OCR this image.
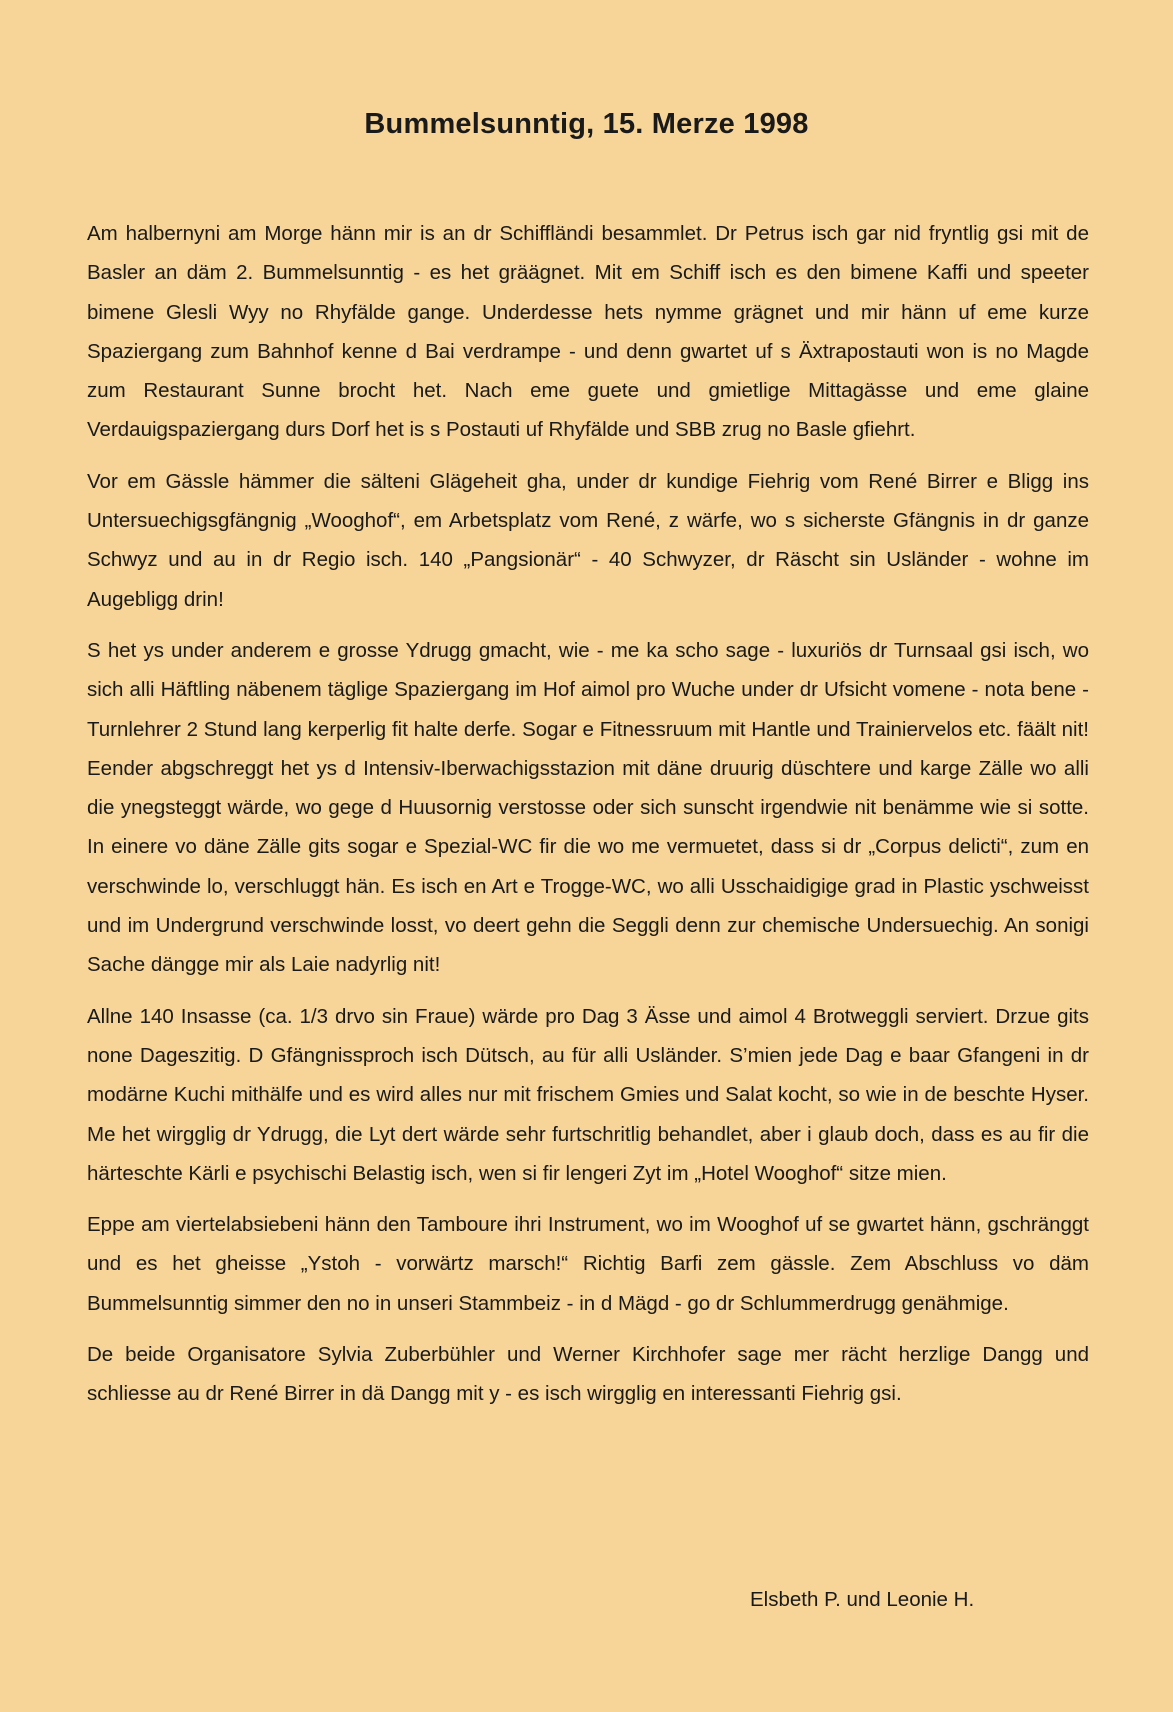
Bummelsunntig, 15. Merze 1998

Am halbernyni am Morge hänn mir is an dr Schiffländi besammlet. Dr Petrus isch gar nid fryntlig gsi mit de Basler an däm 2. Bummelsunntig - es het gräägnet. Mit em Schiff isch es den bimene Kaffi und speeter bimene Glesli Wyy no Rhyfälde gange. Underdesse hets nymme grägnet und mir hänn uf eme kurze Spaziergang zum Bahnhof kenne d Bai verdrampe - und denn gwartet uf s Äxtrapostauti won is no Magde zum Restaurant Sunne brocht het. Nach eme guete und gmietlige Mittagässe und eme glaine Verdauigspaziergang durs Dorf het is s Postauti uf Rhyfälde und SBB zrug no Basle gfiehrt.

Vor em Gässle hämmer die sälteni Glägeheit gha, under dr kundige Fiehrig vom René Birrer e Bligg ins Untersuechigsgfängnig „Wooghof“, em Arbetsplatz vom René, z wärfe, wo s sicherste Gfängnis in dr ganze Schwyz und au in dr Regio isch. 140 „Pangsionär“ - 40 Schwyzer, dr Räscht sin Usländer - wohne im Augebligg drin!

S het ys under anderem e grosse Ydrugg gmacht, wie - me ka scho sage - luxuriös dr Turnsaal gsi isch, wo sich alli Häftling näbenem täglige Spaziergang im Hof aimol pro Wuche under dr Ufsicht vomene - nota bene - Turnlehrer 2 Stund lang kerperlig fit halte derfe. Sogar e Fitnessruum mit Hantle und Trainiervelos etc. fäält nit! Eender abgschreggt het ys d Intensiv-Iberwachigsstazion mit däne druurig düschtere und karge Zälle wo alli die ynegsteggt wärde, wo gege d Huusornig verstosse oder sich sunscht irgendwie nit benämme wie si sotte. In einere vo däne Zälle gits sogar e Spezial-WC fir die wo me vermuetet, dass si dr „Corpus delicti“, zum en verschwinde lo, verschluggt hän. Es isch en Art e Trogge-WC, wo alli Usschaidigige grad in Plastic yschweisst und im Undergrund verschwinde losst, vo deert gehn die Seggli denn zur chemische Undersuechig. An sonigi Sache dängge mir als Laie nadyrlig nit!

Allne 140 Insasse (ca. 1/3 drvo sin Fraue) wärde pro Dag 3 Ässe und aimol 4 Brotweggli serviert. Drzue gits none Dageszitig. D Gfängnissproch isch Dütsch, au für alli Usländer. S’mien jede Dag e baar Gfangeni in dr modärne Kuchi mithälfe und es wird alles nur mit frischem Gmies und Salat kocht, so wie in de beschte Hyser. Me het wirgglig dr Ydrugg, die Lyt dert wärde sehr furtschritlig behandlet, aber i glaub doch, dass es au fir die härteschte Kärli e psychischi Belastig isch, wen si fir lengeri Zyt im „Hotel Wooghof“ sitze mien.

Eppe am viertelabsiebeni hänn den Tamboure ihri Instrument, wo im Wooghof uf se gwartet hänn, gschränggt und es het gheisse „Ystoh - vorwärtz marsch!“ Richtig Barfi zem gässle. Zem Abschluss vo däm Bummelsunntig simmer den no in unseri Stammbeiz - in d Mägd - go dr Schlummerdrugg genähmige.

De beide Organisatore Sylvia Zuberbühler und Werner Kirchhofer sage mer rächt herzlige Dangg und schliesse au dr René Birrer in dä Dangg mit y - es isch wirgglig en interessanti Fiehrig gsi.

Elsbeth P. und Leonie H.
